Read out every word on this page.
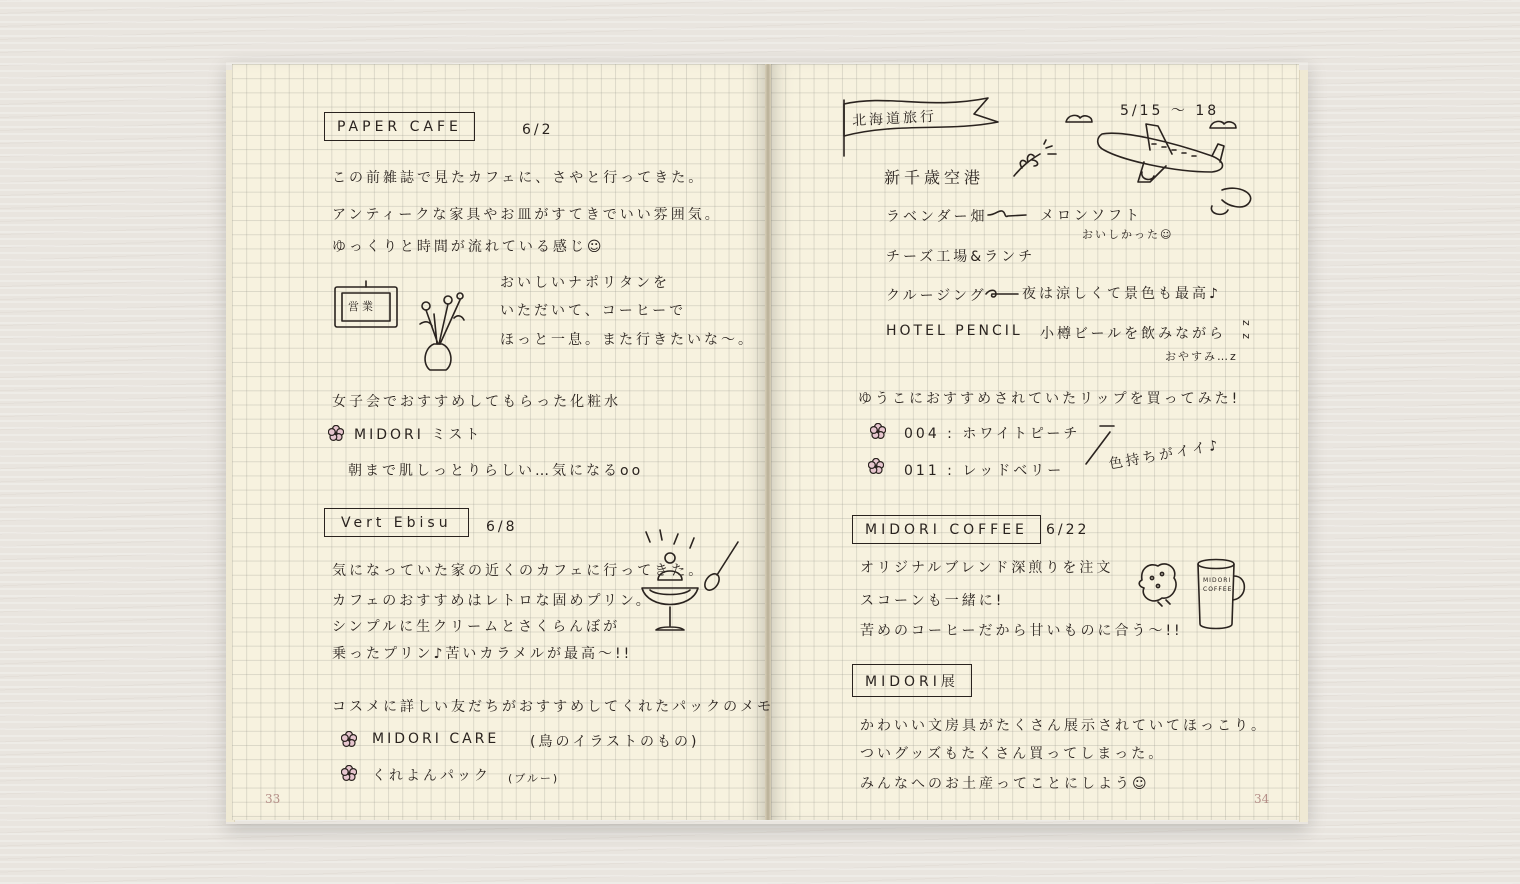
PAPER CAFE	6/2
この前雑誌で見たカフェに、さやと行ってきた。
アンティークな家具やお皿がすてきでいい雰囲気。
ゆっくりと時間が流れている感じ☺
営業
おいしいナポリタンを
いただいて、コーヒーで
ほっと一息。また行きたいな〜。
女子会でおすすめしてもらった化粧水
MIDORI ミスト
朝まで肌しっとりらしい…気になるoo
Vert Ebisu	6/8
気になっていた家の近くのカフェに行ってきた。
カフェのおすすめはレトロな固めプリン。
シンプルに生クリームとさくらんぼが
乗ったプリン♪苦いカラメルが最高〜!!
コスメに詳しい友だちがおすすめしてくれたパックのメモ
MIDORI CARE (鳥のイラストのもの)
くれよんパック (ブルー)
33
北海道旅行	5/15 〜 18
新千歳空港
ラベンダー畑	メロンソフト
おいしかった☺
チーズ工場&ランチ
クルージング	夜は涼しくて景色も最高♪
HOTEL PENCIL 小樽ビールを飲みながら
おやすみ…z
z z
ゆうこにおすすめされていたリップを買ってみた!
004 : ホワイトピーチ
011 : レッドベリー	色持ちがイイ♪
MIDORI COFFEE	6/22
オリジナルブレンド深煎りを注文
スコーンも一緒に!
苦めのコーヒーだから甘いものに合う〜!!
MIDORI COFFEE
MIDORI展
かわいい文房具がたくさん展示されていてほっこり。
ついグッズもたくさん買ってしまった。
みんなへのお土産ってことにしよう☺
34
